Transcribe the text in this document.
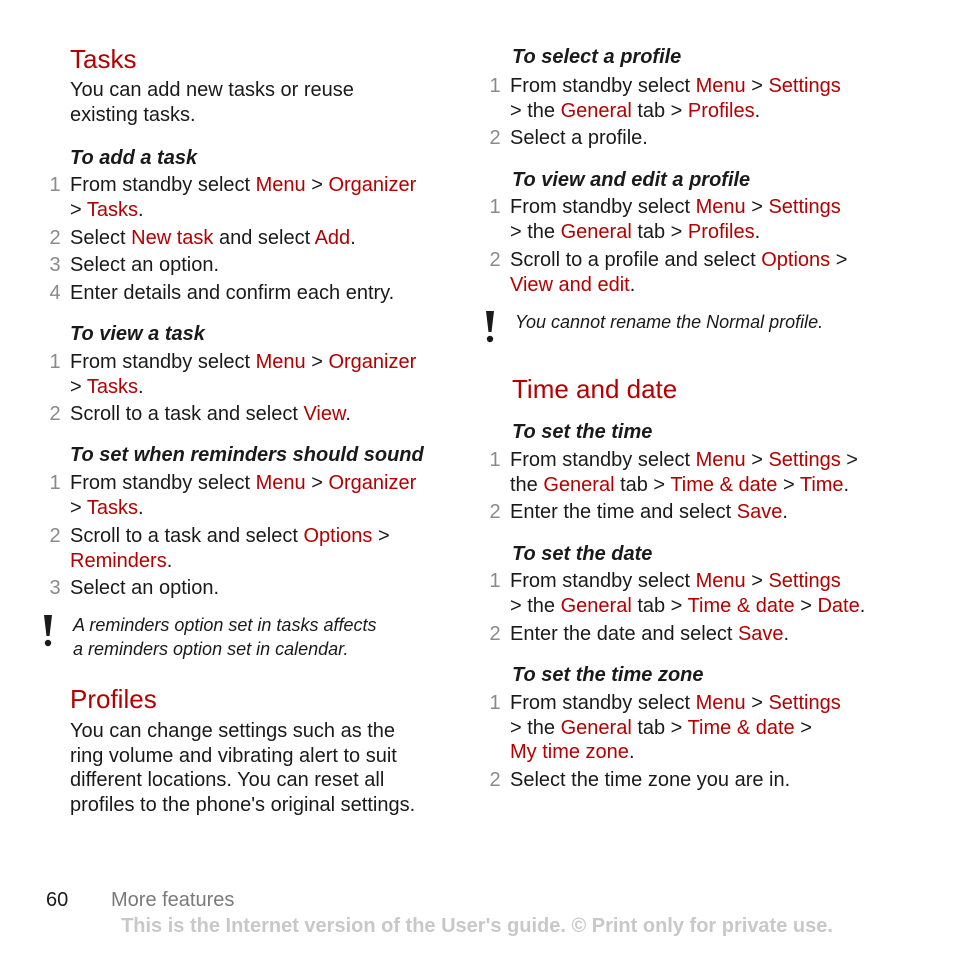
Tasks
You can add new tasks or reuse
existing tasks.
To add a task
1 From standby select Menu > Organizer
> Tasks.
2 Select New task and select Add.
3 Select an option.
4 Enter details and confirm each entry.
To view a task
1 From standby select Menu > Organizer
> Tasks.
2 Scroll to a task and select View.
To set when reminders should sound
1 From standby select Menu > Organizer
> Tasks.
2 Scroll to a task and select Options >
Reminders.
3 Select an option.
A reminders option set in tasks affects
a reminders option set in calendar.
Profiles
You can change settings such as the
ring volume and vibrating alert to suit
different locations. You can reset all
profiles to the phone's original settings.
To select a profile
1 From standby select Menu > Settings
> the General tab > Profiles.
2 Select a profile.
To view and edit a profile
1 From standby select Menu > Settings
> the General tab > Profiles.
2 Scroll to a profile and select Options >
View and edit.
You cannot rename the Normal profile.
Time and date
To set the time
1 From standby select Menu > Settings >
the General tab > Time & date > Time.
2 Enter the time and select Save.
To set the date
1 From standby select Menu > Settings
> the General tab > Time & date > Date.
2 Enter the date and select Save.
To set the time zone
1 From standby select Menu > Settings
> the General tab > Time & date >
My time zone.
2 Select the time zone you are in.
60 More features
This is the Internet version of the User's guide. © Print only for private use.
